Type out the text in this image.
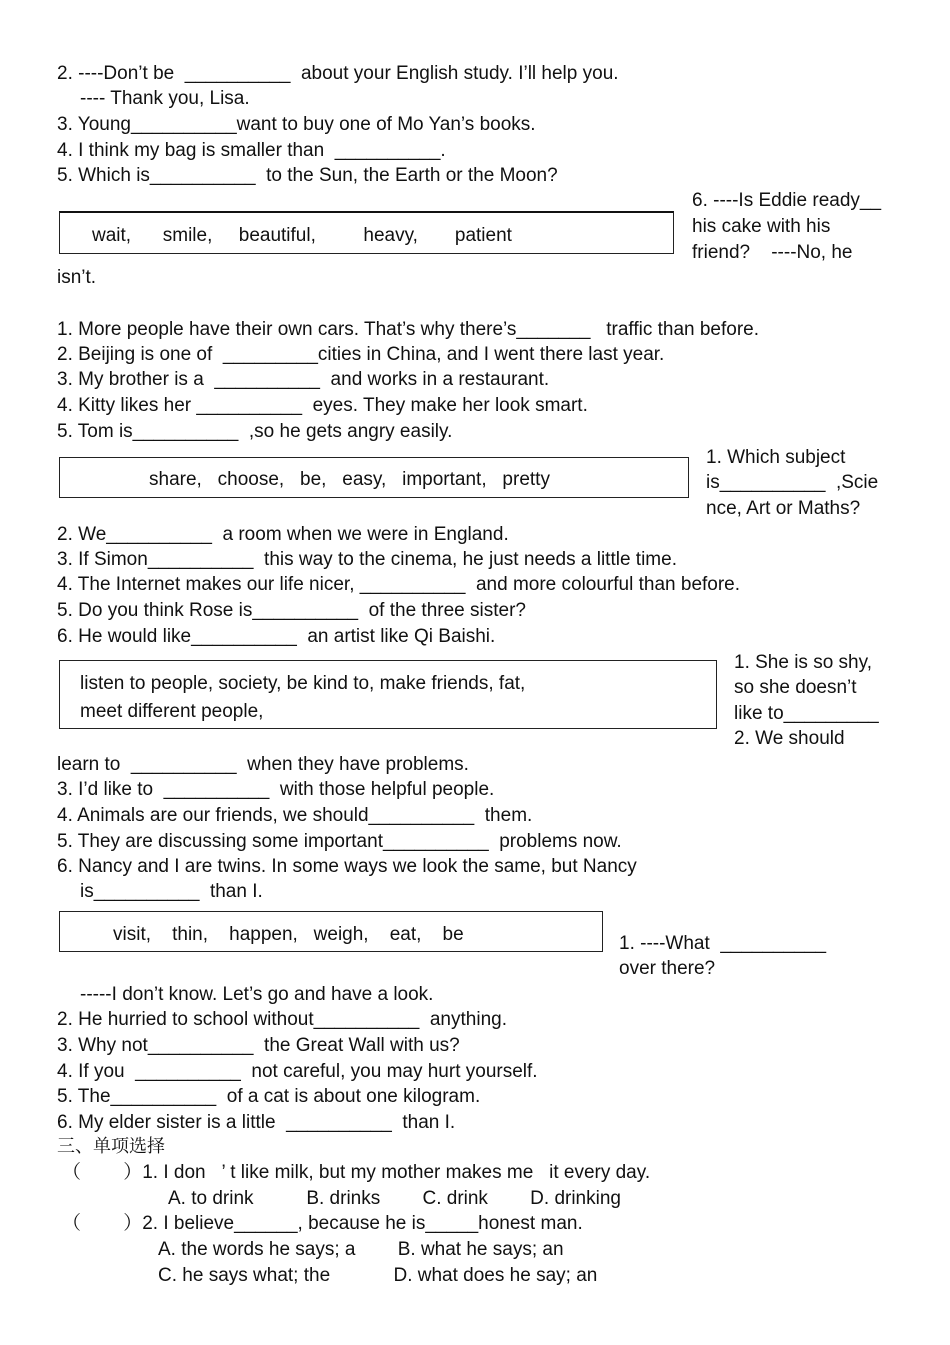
2. ----Don’t be  __________  about your English study. I’ll help you.
---- Thank you, Lisa.
3. Young__________want to buy one of Mo Yan’s books.
4. I think my bag is smaller than  __________.
5. Which is__________  to the Sun, the Earth or the Moon?
wait,      smile,     beautiful,         heavy,       patient
6. ----Is Eddie ready__
his cake with his
friend?    ----No, he
isn’t.
1. More people have their own cars. That’s why there’s_______   traffic than before.
2. Beijing is one of  _________cities in China, and I went there last year.
3. My brother is a  __________  and works in a restaurant.
4. Kitty likes her __________  eyes. They make her look smart.
5. Tom is__________  ,so he gets angry easily.
share,   choose,   be,   easy,   important,   pretty
1. Which subject
is__________  ,Scie
nce, Art or Maths?
2. We__________  a room when we were in England.
3. If Simon__________  this way to the cinema, he just needs a little time.
4. The Internet makes our life nicer, __________  and more colourful than before.
5. Do you think Rose is__________  of the three sister?
6. He would like__________  an artist like Qi Baishi.
listen to people, society, be kind to, make friends, fat,
meet different people,
1. She is so shy,
so she doesn’t
like to_________
2. We should
learn to  __________  when they have problems.
3. I’d like to  __________  with those helpful people.
4. Animals are our friends, we should__________  them.
5. They are discussing some important__________  problems now.
6. Nancy and I are twins. In some ways we look the same, but Nancy
is__________  than I.
visit,    thin,    happen,   weigh,    eat,    be	1. ----What  __________
over there?
-----I don’t know. Let’s go and have a look.
2. He hurried to school without__________  anything.
3. Why not__________  the Great Wall with us?
4. If you  __________  not careful, you may hurt yourself.
5. The__________  of a cat is about one kilogram.
6. My elder sister is a little  __________  than I.
三、单项选择
（        ）1. I don   ’ t like milk, but my mother makes me   it every day.
A. to drink          B. drinks        C. drink        D. drinking
（        ）2. I believe______, because he is_____honest man.
A. the words he says; a        B. what he says; an
C. he says what; the            D. what does he say; an
